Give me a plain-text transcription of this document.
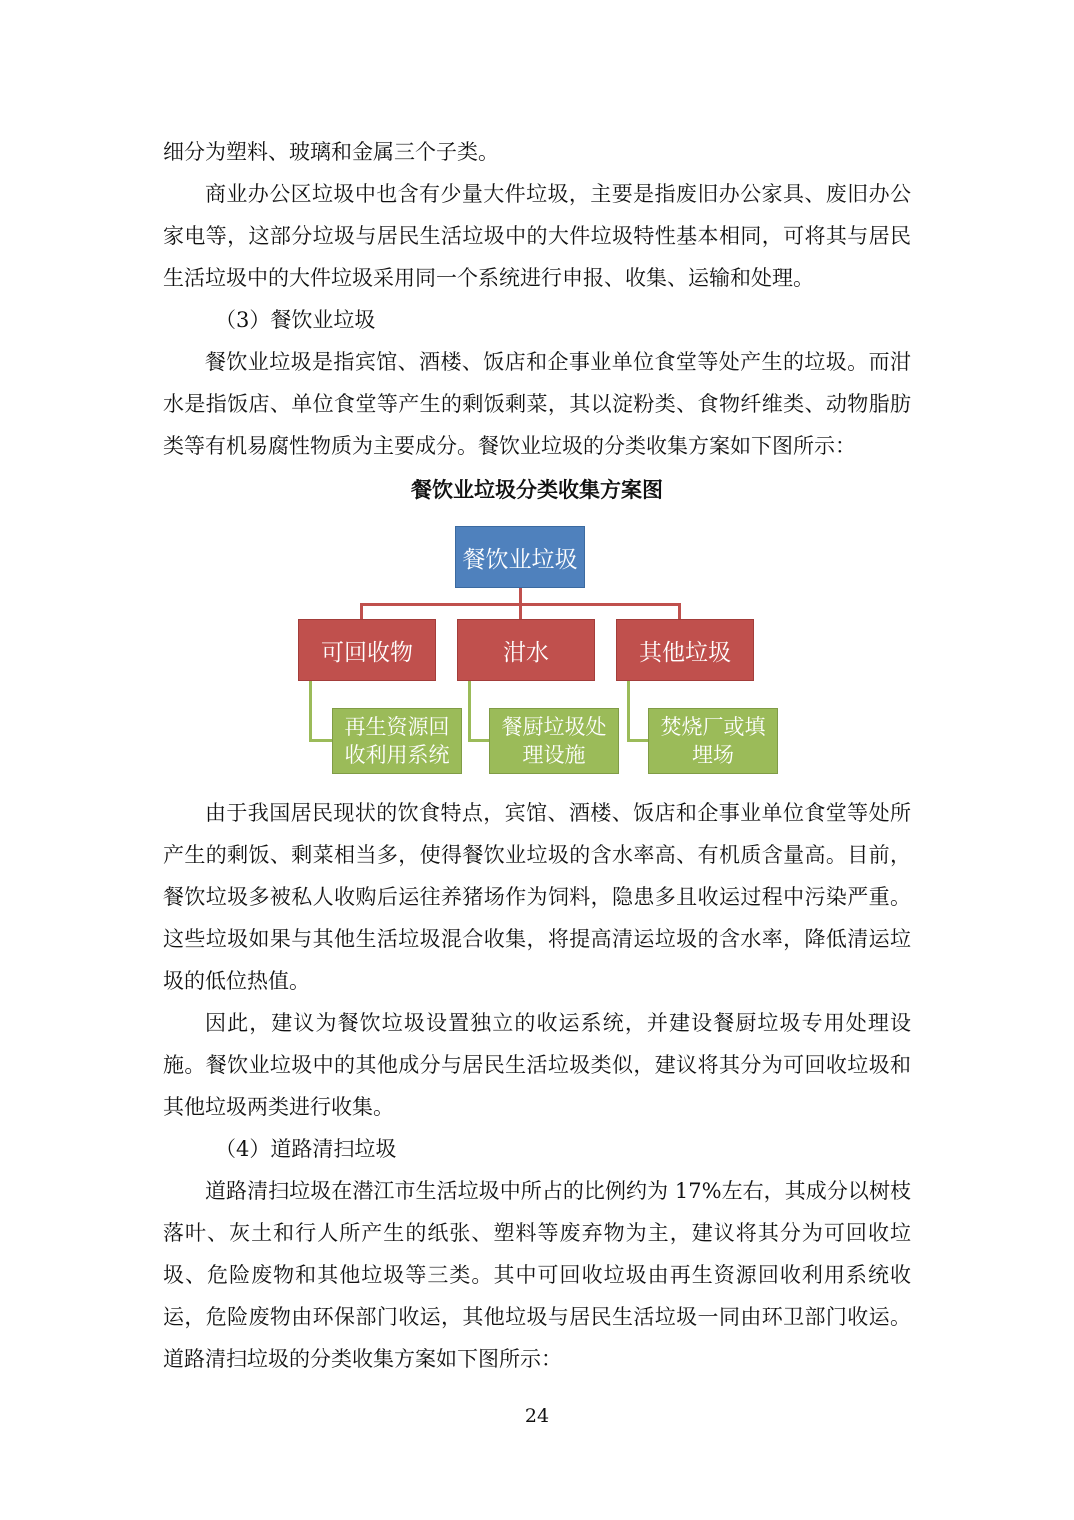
细分为塑料、玻璃和金属三个子类。

商业办公区垃圾中也含有少量大件垃圾，主要是指废旧办公家具、废旧办公家电等，这部分垃圾与居民生活垃圾中的大件垃圾特性基本相同，可将其与居民生活垃圾中的大件垃圾采用同一个系统进行申报、收集、运输和处理。

（3）餐饮业垃圾

餐饮业垃圾是指宾馆、酒楼、饭店和企事业单位食堂等处产生的垃圾。而泔水是指饭店、单位食堂等产生的剩饭剩菜，其以淀粉类、食物纤维类、动物脂肪类等有机易腐性物质为主要成分。餐饮业垃圾的分类收集方案如下图所示：

餐饮业垃圾分类收集方案图
餐饮业垃圾
可回收物	泔水	其他垃圾
再生资源回收利用系统
餐厨垃圾处理设施
焚烧厂或填埋场

由于我国居民现状的饮食特点，宾馆、酒楼、饭店和企事业单位食堂等处所产生的剩饭、剩菜相当多，使得餐饮业垃圾的含水率高、有机质含量高。目前，餐饮垃圾多被私人收购后运往养猪场作为饲料，隐患多且收运过程中污染严重。这些垃圾如果与其他生活垃圾混合收集，将提高清运垃圾的含水率，降低清运垃圾的低位热值。

因此，建议为餐饮垃圾设置独立的收运系统，并建设餐厨垃圾专用处理设施。餐饮业垃圾中的其他成分与居民生活垃圾类似，建议将其分为可回收垃圾和其他垃圾两类进行收集。

（4）道路清扫垃圾

道路清扫垃圾在潜江市生活垃圾中所占的比例约为 17%左右，其成分以树枝落叶、灰土和行人所产生的纸张、塑料等废弃物为主，建议将其分为可回收垃圾、危险废物和其他垃圾等三类。其中可回收垃圾由再生资源回收利用系统收运，危险废物由环保部门收运，其他垃圾与居民生活垃圾一同由环卫部门收运。道路清扫垃圾的分类收集方案如下图所示：

24
